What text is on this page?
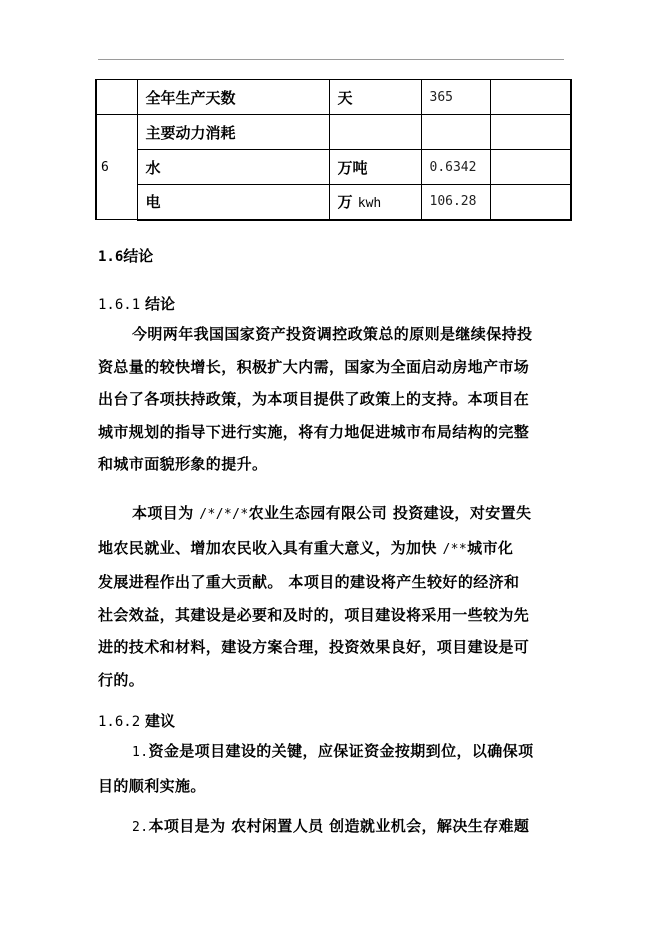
	全年生产天数	天	365	
6	主要动力消耗			
	水	万吨	0.6342	
	电	万 kwh	106.28	
1.6结论
1.6.1 结论
今明两年我国国家资产投资调控政策总的原则是继续保持投
资总量的较快增长，积极扩大内需，国家为全面启动房地产市场
出台了各项扶持政策，为本项目提供了政策上的支持。本项目在
城市规划的指导下进行实施，将有力地促进城市布局结构的完整
和城市面貌形象的提升。
本项目为 /*/*/*农业生态园有限公司 投资建设，对安置失
地农民就业、增加农民收入具有重大意义，为加快 /**城市化
发展进程作出了重大贡献。 本项目的建设将产生较好的经济和
社会效益，其建设是必要和及时的，项目建设将采用一些较为先
进的技术和材料，建设方案合理，投资效果良好，项目建设是可
行的。
1.6.2 建议
1.资金是项目建设的关键，应保证资金按期到位，以确保项
目的顺利实施。
2.本项目是为 农村闲置人员 创造就业机会，解决生存难题
